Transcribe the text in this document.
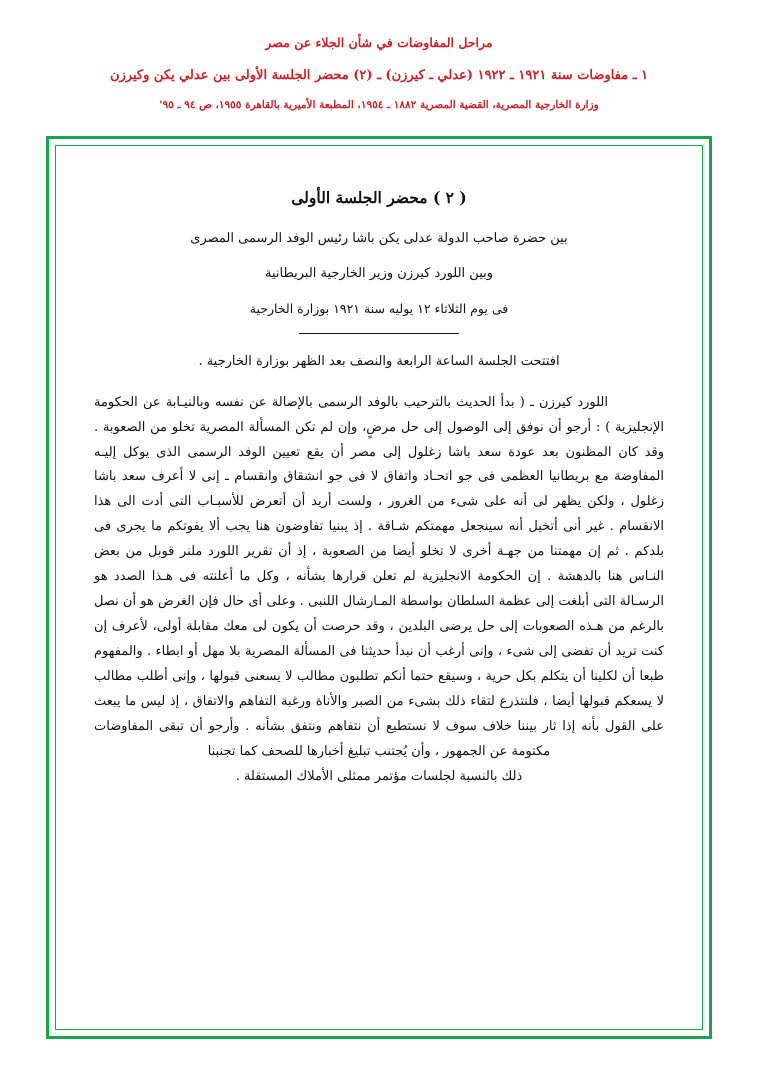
مراحل المفاوضات في شأن الجلاء عن مصر
١ ـ مفاوضات سنة ١٩٢١ ـ ١٩٢٢ (عدلي ـ كيرزن) ـ (٢) محضر الجلسة الأولى بين عدلي يكن وكيرزن
وزارة الخارجية المصرية، القضية المصرية ١٨٨٢ ـ ١٩٥٤، المطبعة الأميرية بالقاهرة ١٩٥٥، ص ٩٤ ـ ٩٥'
( ٢ ) محضر الجلسة الأولى
بين حضرة صاحب الدولة عدلى يكن باشا رئيس الوفد الرسمى المصرى
وبين اللورد كيرزن وزير الخارجية البريطانية
فى يوم الثلاثاء ١٢ يوليه سنة ١٩٢١ بوزارة الخارجية
افتتحت الجلسة الساعة الرابعة والنصف بعد الظهر بوزارة الخارجية .
اللورد كيرزن ـ ( بدأ الحديث بالترحيب بالوفد الرسمى بالإصالة عن نفسه وبالنيـابة عن الحكومة الإنجليزية ) : أرجو أن نوفق إلى الوصول إلى حل مرضٍ، وإن لم تكن المسألة المصرية تخلو من الصعوبة . وقد كان المظنون بعد عودة سعد باشا زغلول إلى مصر أن يقع تعيين الوفد الرسمى الذى يوكل إليـه المفاوضة مع بريطانيا العظمى فى جو اتحـاد واتفاق لا فى جو انشقاق وانقسام ـ إنى لا أعرف سعد باشا زغلول ، ولكن يظهر لى أنه على شىء من الغرور ، ولست أريد أن أتعرض للأسبـاب التى أدت الى هذا الانقسام . غير أنى أتخيل أنه سينجعل مهمتكم شـاقة . إذ يبنيا تفاوضون هنا يجب ألا يفوتكم ما يجرى فى بلدكم . ثم إن مهمتنا من جهـة أخرى لا تخلو أيضا من الصعوبة ، إذ أن تقرير اللورد ملنر قوبل من بعض النـاس هنا بالدهشة . إن الحكومة الانجليزية لم تعلن قرارها بشأنه ، وكل ما أعلنته فى هـذا الصدد هو الرسـالة التى أبلغت إلى عظمة السلطان بواسطة المـارشال اللنبى . وعلى أى حال فإن الغرض هو أن نصل بالرغم من هـذه الصعوبات إلى حل يرضى البلدين ، وقد حرصت أن يكون لى معك مقابلة أولى، لأعرف إن كنت تريد أن تفضى إلى شىء ، وإنى أرغب أن نبدأ حديثنا فى المسألة المصرية بلا مهل أو ابطاء . والمفهوم طبعا أن لكلينا أن يتكلم بكل حرية ، وسيقع حتما أنكم تطلبون مطالب لا يسعنى قبولها ، وإنى أطلب مطالب لا يسعكم قبولها أيضا ، فلنتذرع لتقاء ذلك بشىء من الصبر والأناة ورغبة التفاهم والاتفاق ، إذ ليس ما يبعث على القول بأنه إذا ثار بيننا خلاف سوف لا نستطيع أن نتفاهم ونتفق بشأنه . وأرجو أن تبقى المفاوضات مكتومة عن الجمهور ، وأن يُجتنب تبليغ أخبارها للصحف كما تجنبنا
ذلك بالنسبة لجلسات مؤتمر ممثلى الأملاك المستقلة .
